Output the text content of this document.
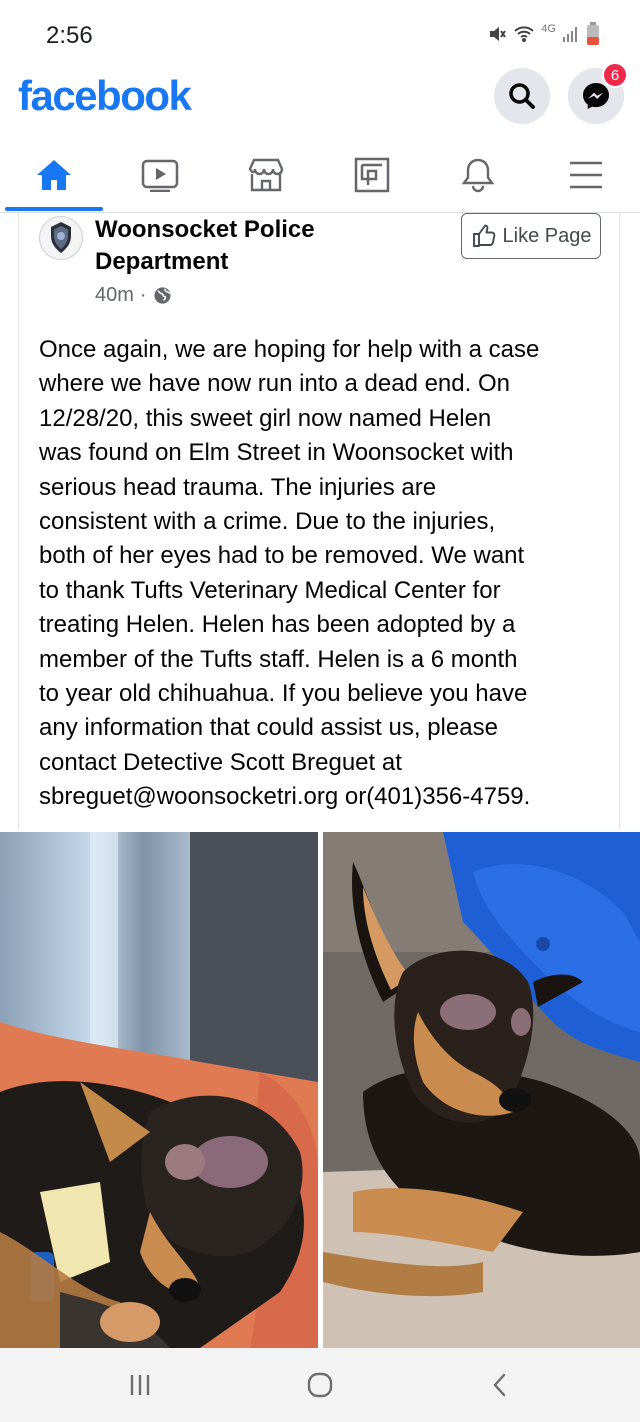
2:56	4G
facebook	6
Woonsocket Police Department
40m ·
Like Page
Once again, we are hoping for help with a case
where we have now run into a dead end. On
12/28/20, this sweet girl now named Helen
was found on Elm Street in Woonsocket with
serious head trauma. The injuries are
consistent with a crime. Due to the injuries,
both of her eyes had to be removed. We want
to thank Tufts Veterinary Medical Center for
treating Helen. Helen has been adopted by a
member of the Tufts staff. Helen is a 6 month
to year old chihuahua. If you believe you have
any information that could assist us, please
contact Detective Scott Breguet at
sbreguet@woonsocketri.org or(401)356-4759.
